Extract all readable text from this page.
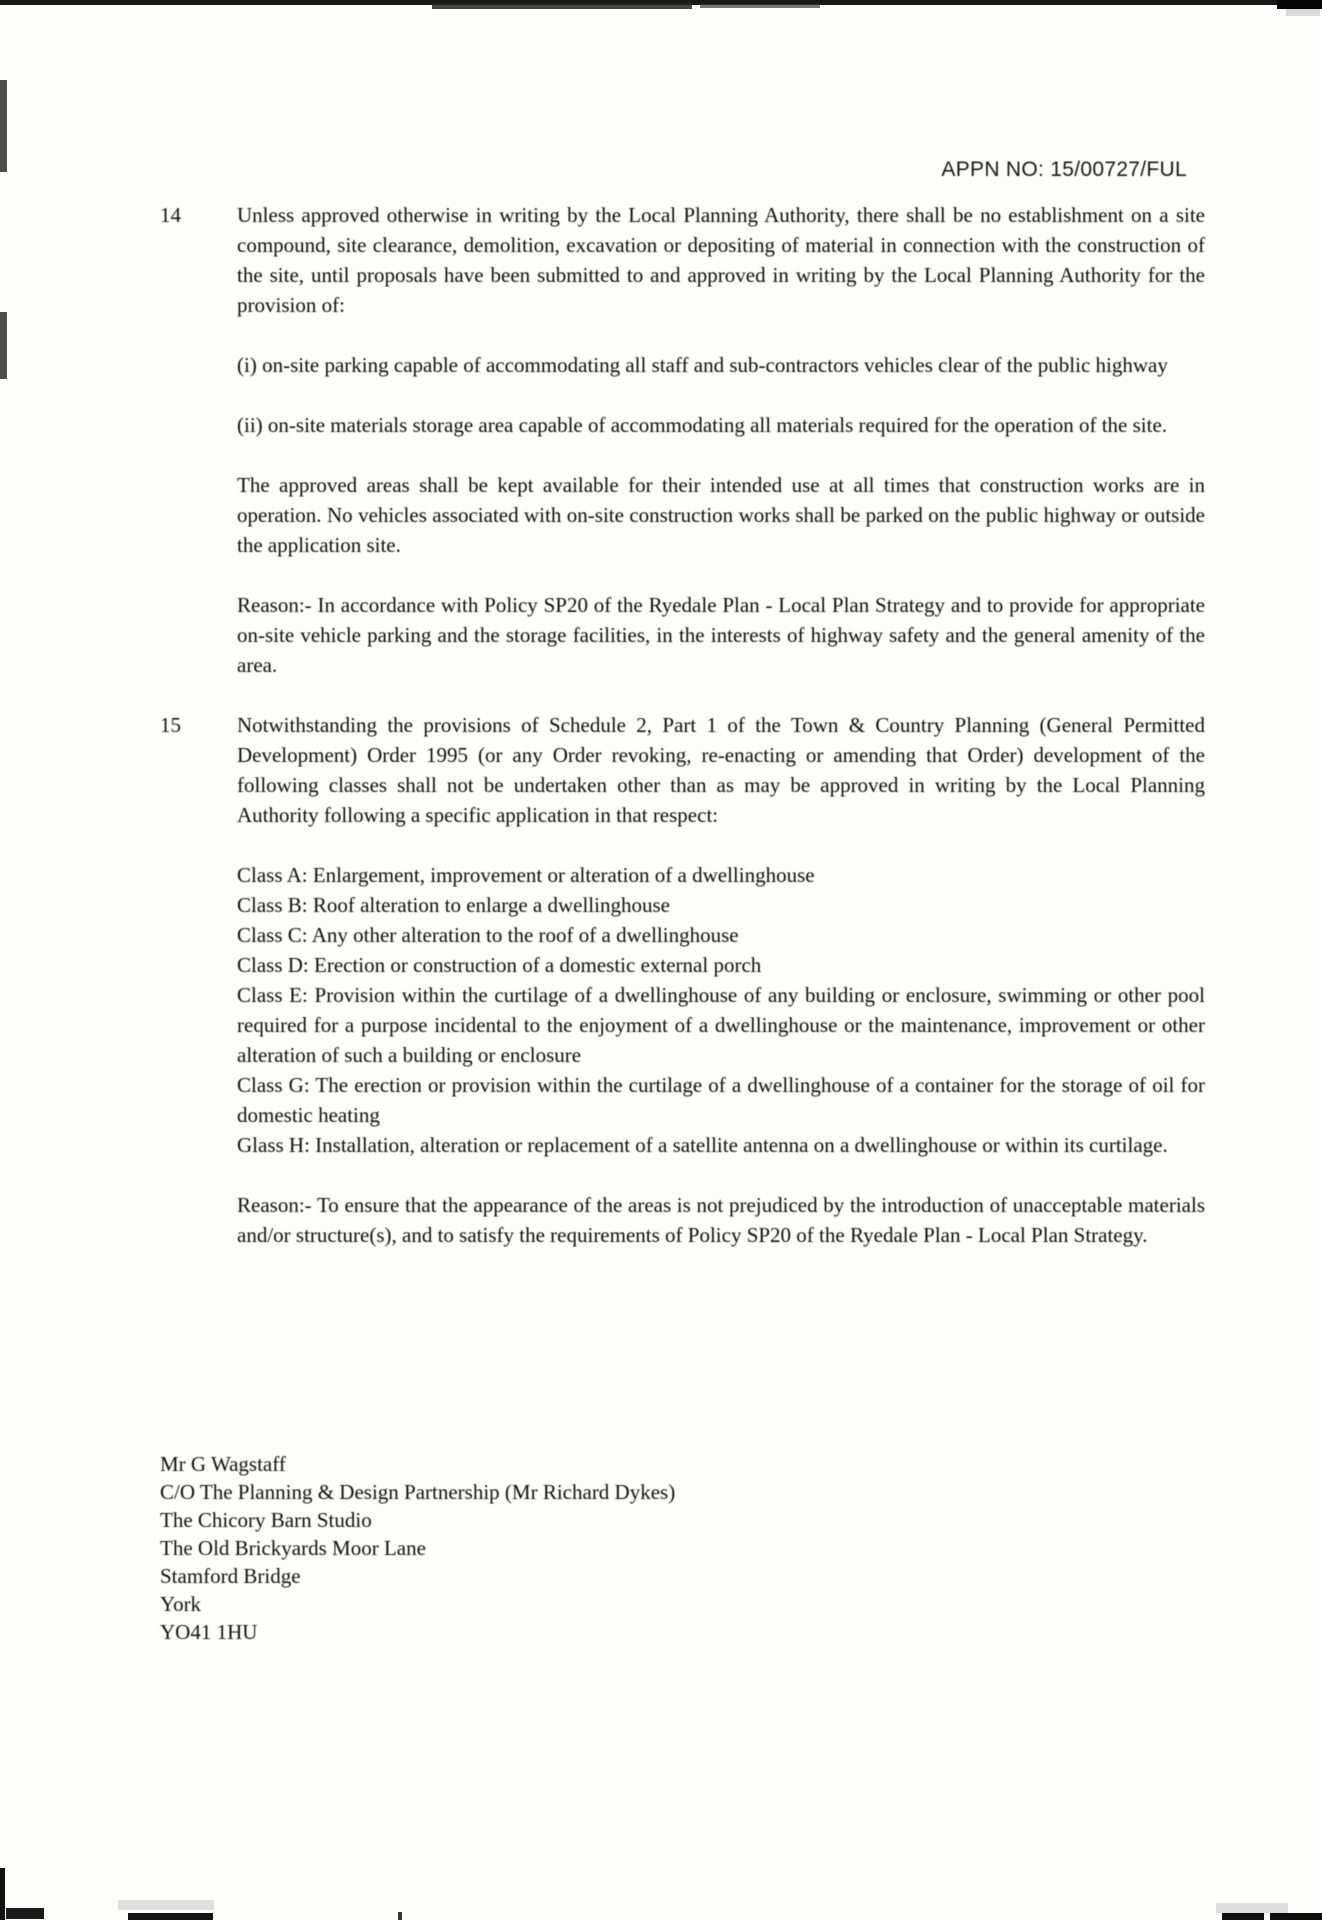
APPN NO: 15/00727/FUL
14	Unless approved otherwise in writing by the Local Planning Authority, there shall be no establishment on a site compound, site clearance, demolition, excavation or depositing of material in connection with the construction of the site, until proposals have been submitted to and approved in writing by the Local Planning Authority for the provision of:

(i) on-site parking capable of accommodating all staff and sub-contractors vehicles clear of the public highway

(ii) on-site materials storage area capable of accommodating all materials required for the operation of the site.

The approved areas shall be kept available for their intended use at all times that construction works are in operation. No vehicles associated with on-site construction works shall be parked on the public highway or outside the application site.

Reason:- In accordance with Policy SP20 of the Ryedale Plan - Local Plan Strategy and to provide for appropriate on-site vehicle parking and the storage facilities, in the interests of highway safety and the general amenity of the area.

15	Notwithstanding the provisions of Schedule 2, Part 1 of the Town & Country Planning (General Permitted Development) Order 1995 (or any Order revoking, re-enacting or amending that Order) development of the following classes shall not be undertaken other than as may be approved in writing by the Local Planning Authority following a specific application in that respect:

Class A: Enlargement, improvement or alteration of a dwellinghouse

Class B: Roof alteration to enlarge a dwellinghouse

Class C: Any other alteration to the roof of a dwellinghouse

Class D: Erection or construction of a domestic external porch

Class E: Provision within the curtilage of a dwellinghouse of any building or enclosure, swimming or other pool required for a purpose incidental to the enjoyment of a dwellinghouse or the maintenance, improvement or other alteration of such a building or enclosure

Class G: The erection or provision within the curtilage of a dwellinghouse of a container for the storage of oil for domestic heating

Glass H: Installation, alteration or replacement of a satellite antenna on a dwellinghouse or within its curtilage.

Reason:- To ensure that the appearance of the areas is not prejudiced by the introduction of unacceptable materials and/or structure(s), and to satisfy the requirements of Policy SP20 of the Ryedale Plan - Local Plan Strategy.

Mr G Wagstaff
C/O The Planning & Design Partnership (Mr Richard Dykes)
The Chicory Barn Studio
The Old Brickyards Moor Lane
Stamford Bridge
York
YO41 1HU
